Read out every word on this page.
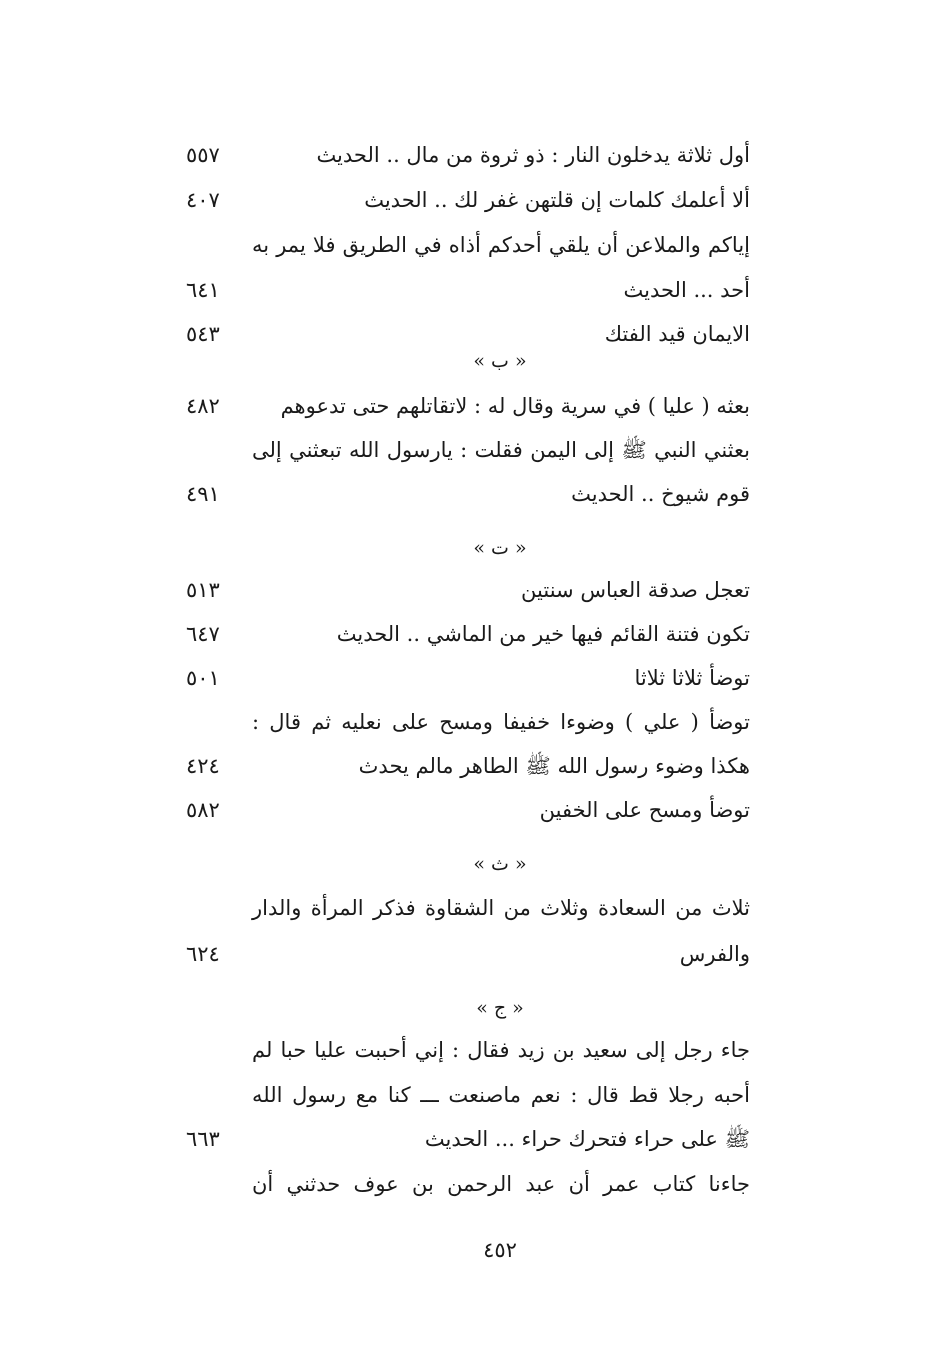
أول ثلاثة يدخلون النار : ذو ثروة من مال .. الحديث
٥٥٧
ألا أعلمك كلمات إن قلتهن غفر لك .. الحديث
٤٠٧
إياكم والملاعن أن يلقي أحدكم أذاه في الطريق فلا يمر به
أحد ... الحديث
٦٤١
الايمان قيد الفتك
٥٤٣
« ب »
بعثه ( عليا ) في سرية وقال له : لاتقاتلهم حتى تدعوهم
٤٨٢
بعثني النبي ﷺ إلى اليمن فقلت : يارسول الله تبعثني إلى
قوم شيوخ .. الحديث
٤٩١
« ت »
تعجل صدقة العباس سنتين
٥١٣
تكون فتنة القائم فيها خير من الماشي .. الحديث
٦٤٧
توضأ ثلاثا ثلاثا
٥٠١
توضأ ( علي ) وضوءا خفيفا ومسح على نعليه ثم قال :
هكذا وضوء رسول الله ﷺ الطاهر مالم يحدث
٤٢٤
توضأ ومسح على الخفين
٥٨٢
« ث »
ثلاث من السعادة وثلاث من الشقاوة فذكر المرأة والدار
والفرس
٦٢٤
« ج »
جاء رجل إلى سعيد بن زيد فقال : إني أحببت عليا حبا لم
أحبه رجلا قط قال : نعم ماصنعت ـــ كنا مع رسول الله
ﷺ على حراء فتحرك حراء ... الحديث
٦٦٣
جاءنا كتاب عمر أن عبد الرحمن بن عوف حدثني أن
٤٥٢
